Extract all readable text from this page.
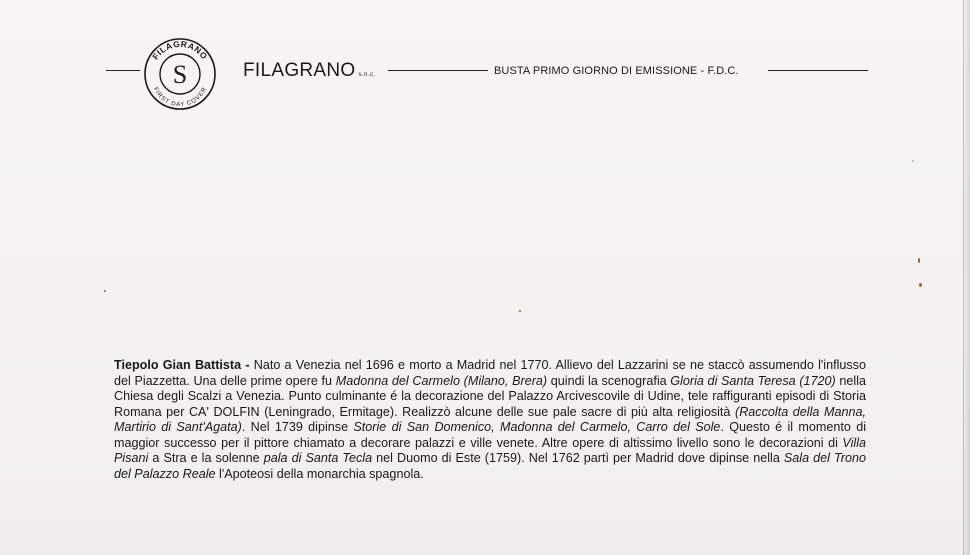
FILAGRANO
FIRST DAY COVER
S	FILAGRANO s.n.c.	BUSTA PRIMO GIORNO DI EMISSIONE - F.D.C.
Tiepolo Gian Battista - Nato a Venezia nel 1696 e morto a Madrid nel 1770. Allievo del Lazzarini se ne staccò assumendo l'influsso del Piazzetta. Una delle prime opere fu Madonna del Carmelo (Milano, Brera) quindi la scenografia Gloria di Santa Teresa (1720) nella Chiesa degli Scalzi a Venezia. Punto culminante é la decorazione del Palazzo Arcivescovile di Udine, tele raffiguranti episodi di Storia Romana per CA' DOLFIN (Leningrado, Ermitage). Realizzò alcune delle sue pale sacre di più alta religiosità (Raccolta della Manna, Martirio di Sant'Agata). Nel 1739 dipinse Storie di San Domenico, Madonna del Carmelo, Carro del Sole. Questo é il momento di maggior successo per il pittore chiamato a decorare palazzi e ville venete. Altre opere di altissimo livello sono le decorazioni di Villa Pisani a Stra e la solenne pala di Santa Tecla nel Duomo di Este (1759). Nel 1762 partì per Madrid dove dipinse nella Sala del Trono del Palazzo Reale l'Apoteosi della monarchia spagnola.
